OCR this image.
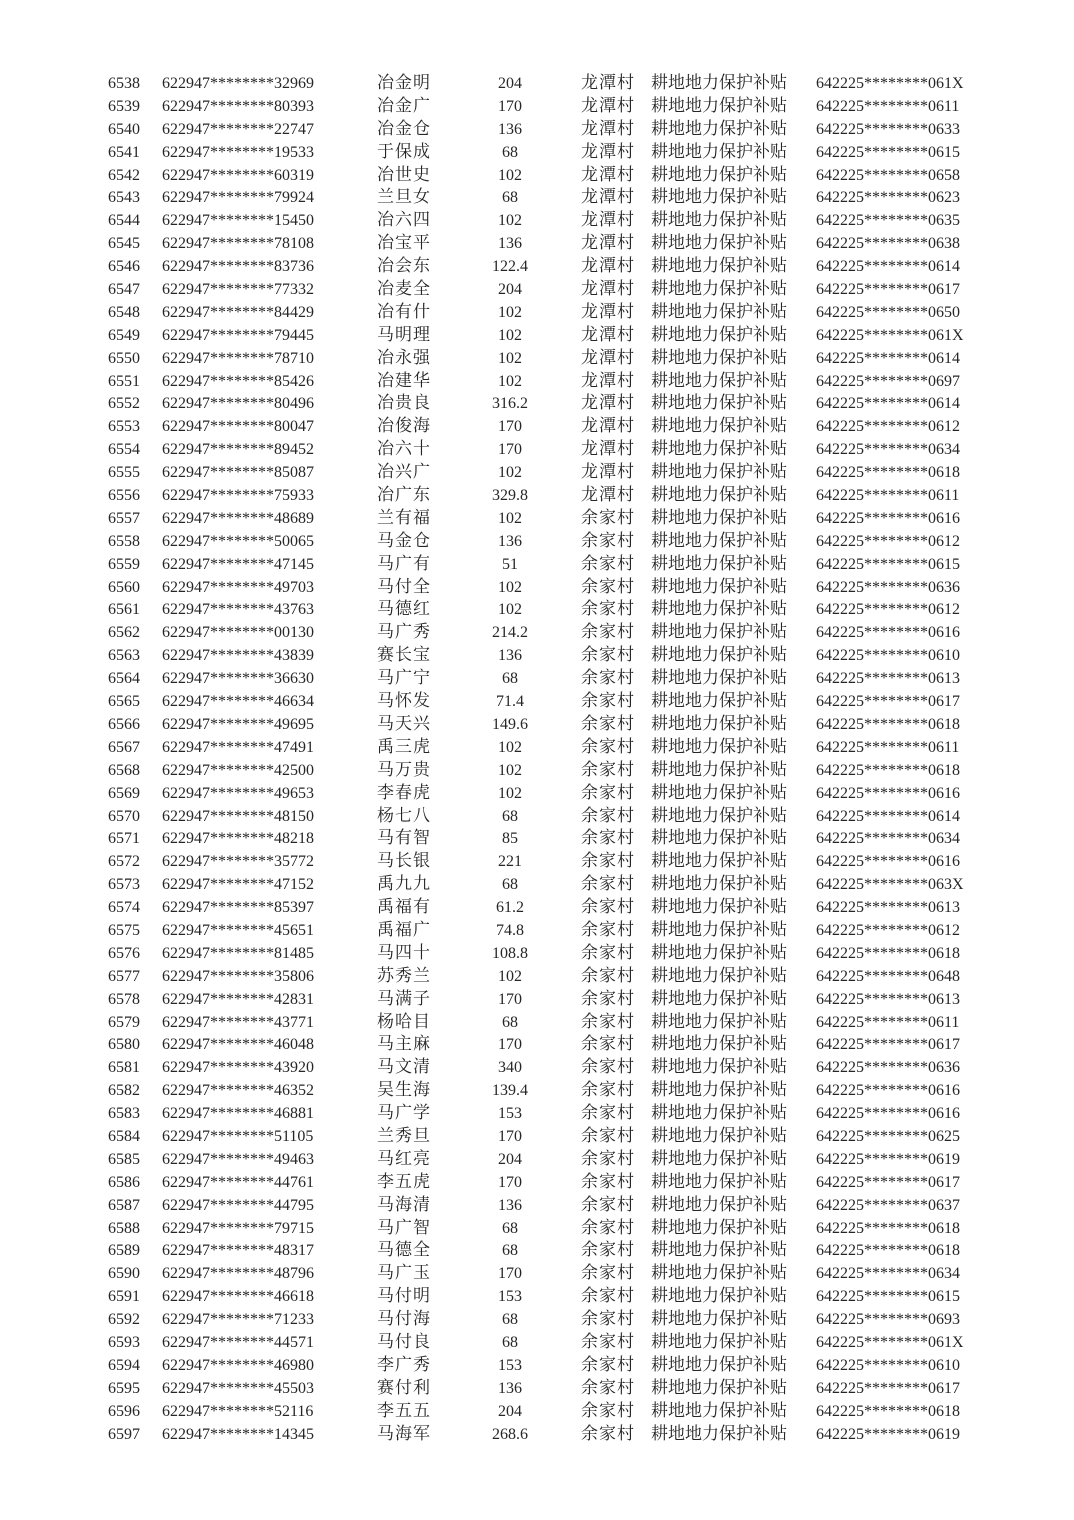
6538	622947********32969	冶金明	204	龙潭村 耕地地力保护补贴	642225********061X
6539	622947********80393	冶金广	170	龙潭村 耕地地力保护补贴	642225********0611
6540	622947********22747	冶金仓	136	龙潭村 耕地地力保护补贴	642225********0633
6541	622947********19533	于保成	68	龙潭村 耕地地力保护补贴	642225********0615
6542	622947********60319	冶世史	102	龙潭村 耕地地力保护补贴	642225********0658
6543	622947********79924	兰旦女	68	龙潭村 耕地地力保护补贴	642225********0623
6544	622947********15450	冶六四	102	龙潭村 耕地地力保护补贴	642225********0635
6545	622947********78108	冶宝平	136	龙潭村 耕地地力保护补贴	642225********0638
6546	622947********83736	冶会东	122.4	龙潭村 耕地地力保护补贴	642225********0614
6547	622947********77332	冶麦全	204	龙潭村 耕地地力保护补贴	642225********0617
6548	622947********84429	冶有什	102	龙潭村 耕地地力保护补贴	642225********0650
6549	622947********79445	马明理	102	龙潭村 耕地地力保护补贴	642225********061X
6550	622947********78710	冶永强	102	龙潭村 耕地地力保护补贴	642225********0614
6551	622947********85426	冶建华	102	龙潭村 耕地地力保护补贴	642225********0697
6552	622947********80496	冶贵良	316.2	龙潭村 耕地地力保护补贴	642225********0614
6553	622947********80047	冶俊海	170	龙潭村 耕地地力保护补贴	642225********0612
6554	622947********89452	冶六十	170	龙潭村 耕地地力保护补贴	642225********0634
6555	622947********85087	冶兴广	102	龙潭村 耕地地力保护补贴	642225********0618
6556	622947********75933	冶广东	329.8	龙潭村 耕地地力保护补贴	642225********0611
6557	622947********48689	兰有福	102	余家村 耕地地力保护补贴	642225********0616
6558	622947********50065	马金仓	136	余家村 耕地地力保护补贴	642225********0612
6559	622947********47145	马广有	51	余家村 耕地地力保护补贴	642225********0615
6560	622947********49703	马付全	102	余家村 耕地地力保护补贴	642225********0636
6561	622947********43763	马德红	102	余家村 耕地地力保护补贴	642225********0612
6562	622947********00130	马广秀	214.2	余家村 耕地地力保护补贴	642225********0616
6563	622947********43839	赛长宝	136	余家村 耕地地力保护补贴	642225********0610
6564	622947********36630	马广宁	68	余家村 耕地地力保护补贴	642225********0613
6565	622947********46634	马怀发	71.4	余家村 耕地地力保护补贴	642225********0617
6566	622947********49695	马天兴	149.6	余家村 耕地地力保护补贴	642225********0618
6567	622947********47491	禹三虎	102	余家村 耕地地力保护补贴	642225********0611
6568	622947********42500	马万贵	102	余家村 耕地地力保护补贴	642225********0618
6569	622947********49653	李春虎	102	余家村 耕地地力保护补贴	642225********0616
6570	622947********48150	杨七八	68	余家村 耕地地力保护补贴	642225********0614
6571	622947********48218	马有智	85	余家村 耕地地力保护补贴	642225********0634
6572	622947********35772	马长银	221	余家村 耕地地力保护补贴	642225********0616
6573	622947********47152	禹九九	68	余家村 耕地地力保护补贴	642225********063X
6574	622947********85397	禹福有	61.2	余家村 耕地地力保护补贴	642225********0613
6575	622947********45651	禹福广	74.8	余家村 耕地地力保护补贴	642225********0612
6576	622947********81485	马四十	108.8	余家村 耕地地力保护补贴	642225********0618
6577	622947********35806	苏秀兰	102	余家村 耕地地力保护补贴	642225********0648
6578	622947********42831	马满子	170	余家村 耕地地力保护补贴	642225********0613
6579	622947********43771	杨哈目	68	余家村 耕地地力保护补贴	642225********0611
6580	622947********46048	马主麻	170	余家村 耕地地力保护补贴	642225********0617
6581	622947********43920	马文清	340	余家村 耕地地力保护补贴	642225********0636
6582	622947********46352	吴生海	139.4	余家村 耕地地力保护补贴	642225********0616
6583	622947********46881	马广学	153	余家村 耕地地力保护补贴	642225********0616
6584	622947********51105	兰秀旦	170	余家村 耕地地力保护补贴	642225********0625
6585	622947********49463	马红亮	204	余家村 耕地地力保护补贴	642225********0619
6586	622947********44761	李五虎	170	余家村 耕地地力保护补贴	642225********0617
6587	622947********44795	马海清	136	余家村 耕地地力保护补贴	642225********0637
6588	622947********79715	马广智	68	余家村 耕地地力保护补贴	642225********0618
6589	622947********48317	马德全	68	余家村 耕地地力保护补贴	642225********0618
6590	622947********48796	马广玉	170	余家村 耕地地力保护补贴	642225********0634
6591	622947********46618	马付明	153	余家村 耕地地力保护补贴	642225********0615
6592	622947********71233	马付海	68	余家村 耕地地力保护补贴	642225********0693
6593	622947********44571	马付良	68	余家村 耕地地力保护补贴	642225********061X
6594	622947********46980	李广秀	153	余家村 耕地地力保护补贴	642225********0610
6595	622947********45503	赛付利	136	余家村 耕地地力保护补贴	642225********0617
6596	622947********52116	李五五	204	余家村 耕地地力保护补贴	642225********0618
6597	622947********14345	马海军	268.6	余家村 耕地地力保护补贴	642225********0619
